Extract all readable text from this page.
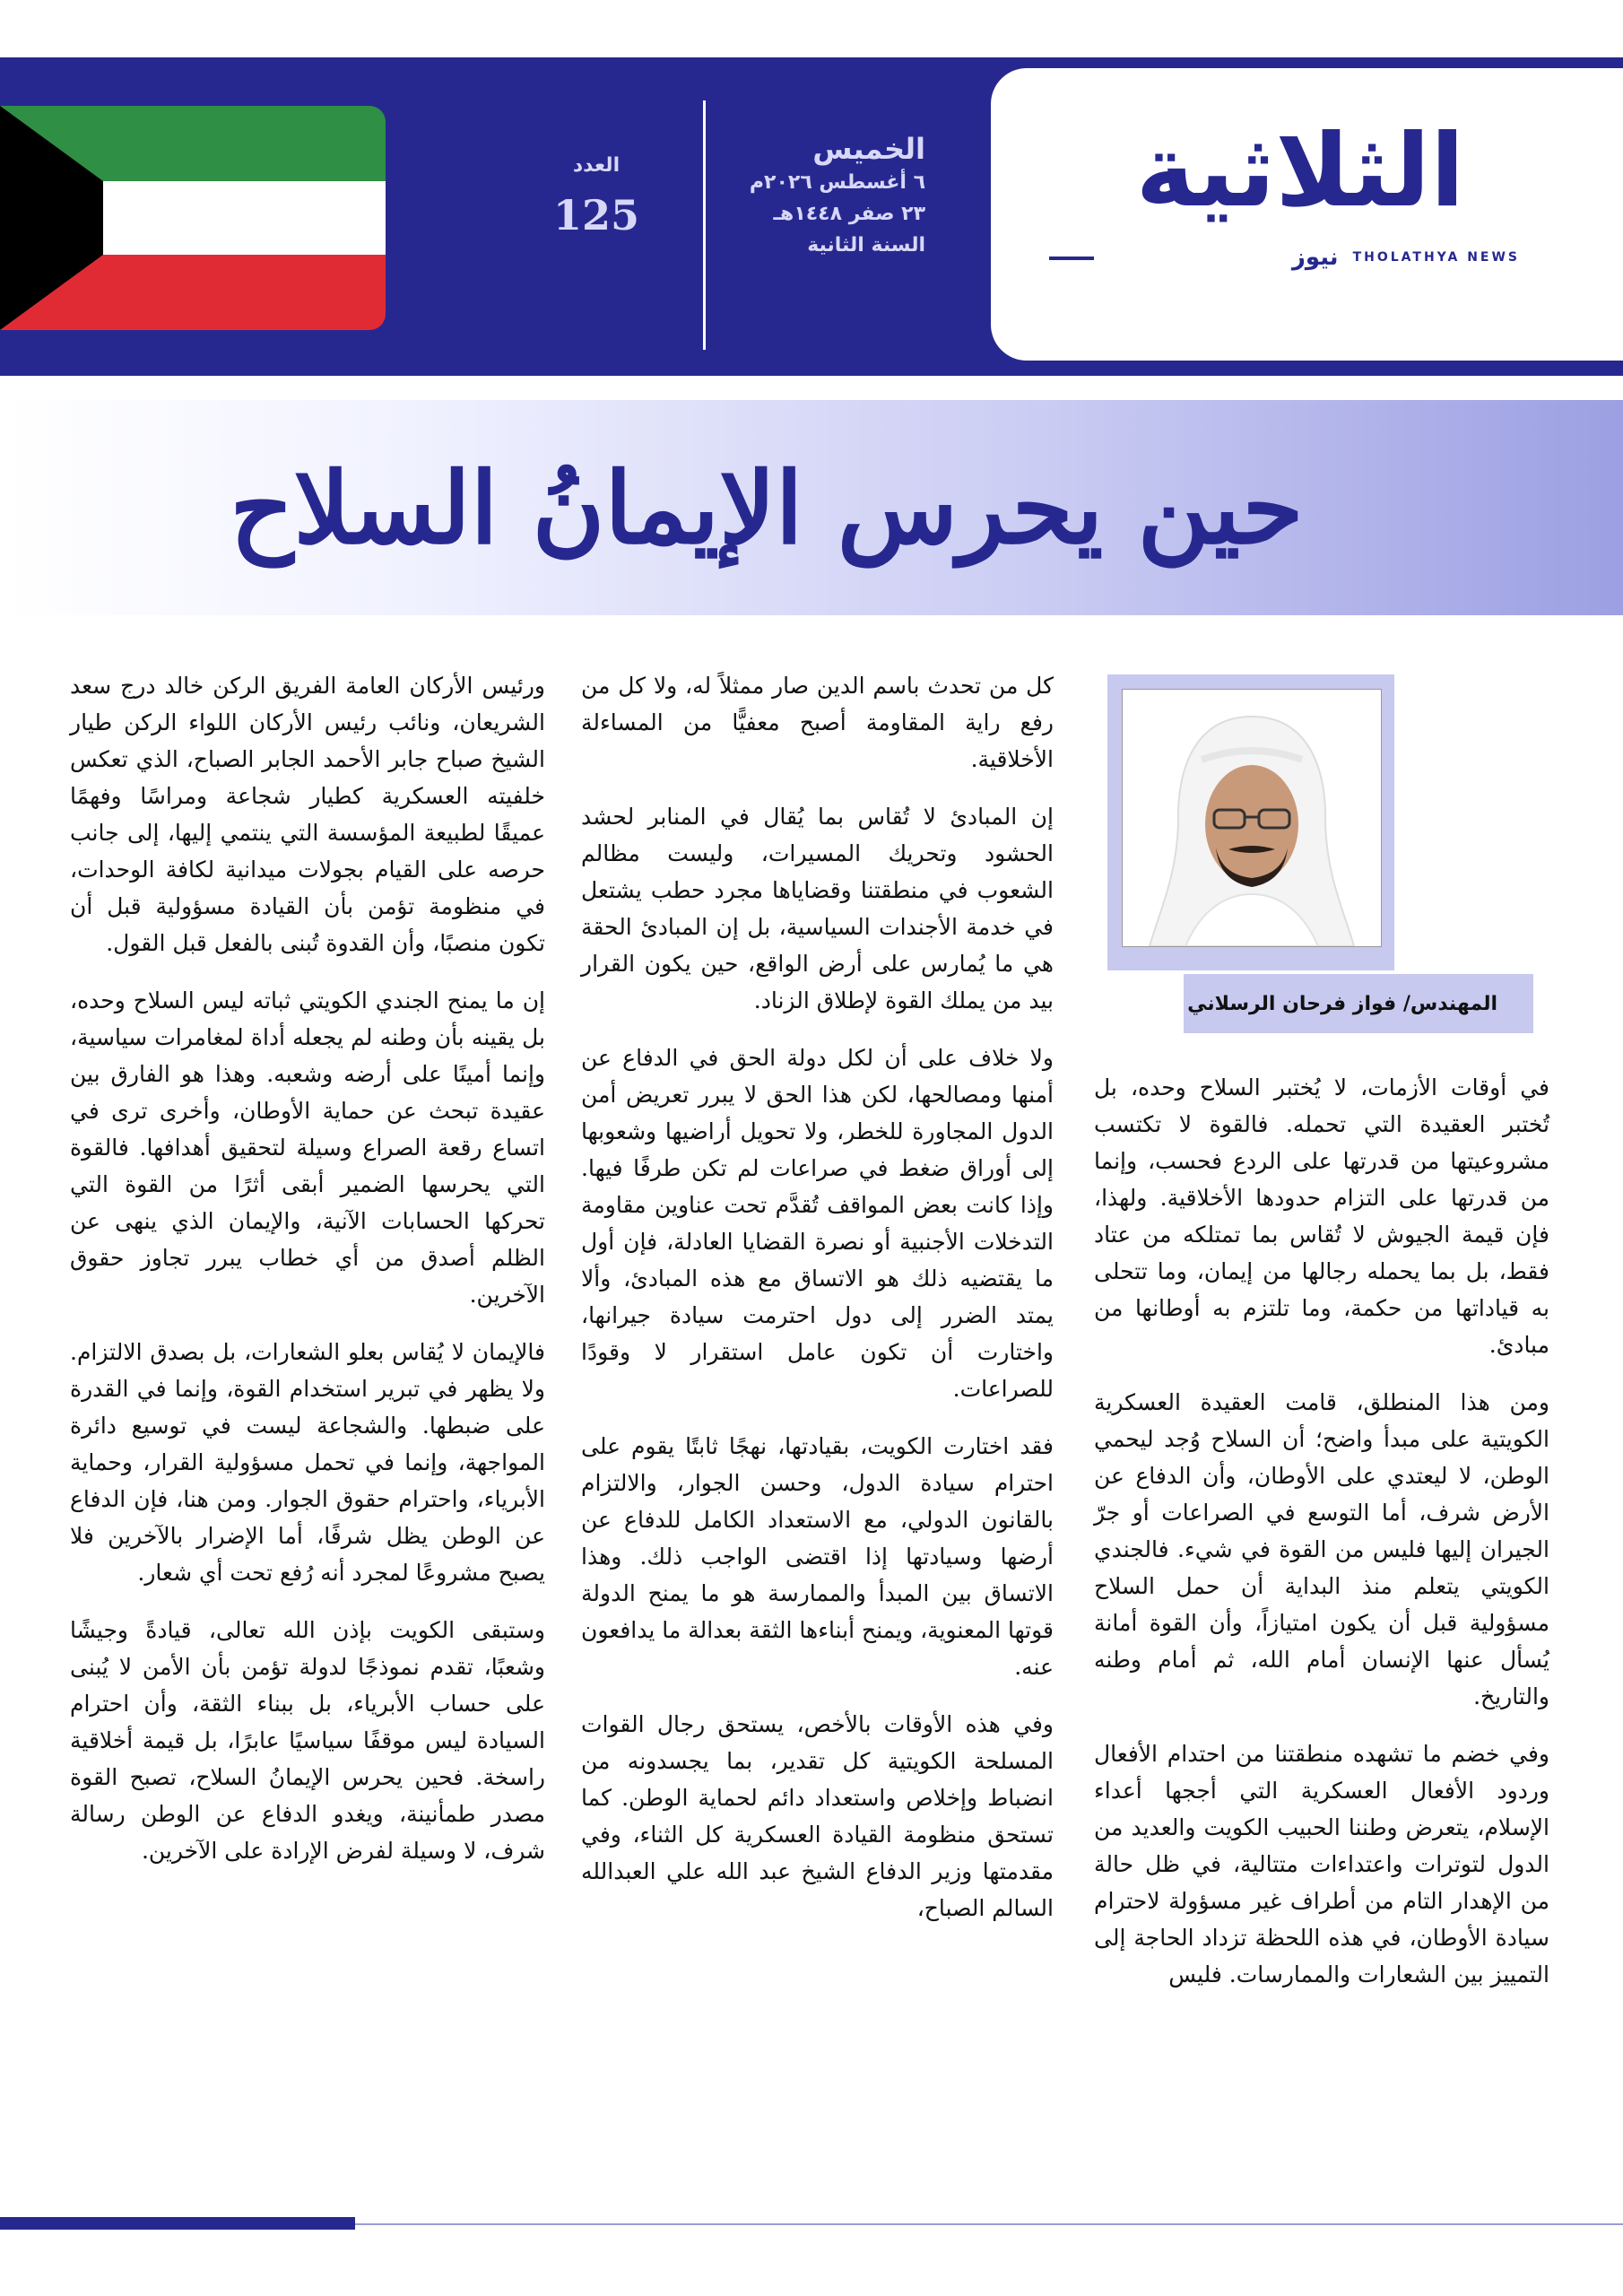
العدد
125
الخميس
٦ أغسطس ٢٠٢٦م
٢٣ صفر ١٤٤٨هـ
السنة الثانية
الثلاثية
نيوز THOLATHYA NEWS
حين يحرس الإيمانُ السلاح
المهندس/ فواز فرحان الرسلاني

في أوقات الأزمات، لا يُختبر السلاح وحده، بل تُختبر العقيدة التي تحمله. فالقوة لا تكتسب مشروعيتها من قدرتها على الردع فحسب، وإنما من قدرتها على التزام حدودها الأخلاقية. ولهذا، فإن قيمة الجيوش لا تُقاس بما تمتلكه من عتاد فقط، بل بما يحمله رجالها من إيمان، وما تتحلى به قياداتها من حكمة، وما تلتزم به أوطانها من مبادئ.

ومن هذا المنطلق، قامت العقيدة العسكرية الكويتية على مبدأ واضح؛ أن السلاح وُجد ليحمي الوطن، لا ليعتدي على الأوطان، وأن الدفاع عن الأرض شرف، أما التوسع في الصراعات أو جرّ الجيران إليها فليس من القوة في شيء. فالجندي الكويتي يتعلم منذ البداية أن حمل السلاح مسؤولية قبل أن يكون امتيازاً، وأن القوة أمانة يُسأل عنها الإنسان أمام الله، ثم أمام وطنه والتاريخ.

وفي خضم ما تشهده منطقتنا من احتدام الأفعال وردود الأفعال العسكرية التي أججها أعداء الإسلام، يتعرض وطننا الحبيب الكويت والعديد من الدول لتوترات واعتداءات متتالية، في ظل حالة من الإهدار التام من أطراف غير مسؤولة لاحترام سيادة الأوطان، في هذه اللحظة تزداد الحاجة إلى التمييز بين الشعارات والممارسات. فليس

كل من تحدث باسم الدين صار ممثلاً له، ولا كل من رفع راية المقاومة أصبح معفيًّا من المساءلة الأخلاقية.

إن المبادئ لا تُقاس بما يُقال في المنابر لحشد الحشود وتحريك المسيرات، وليست مظالم الشعوب في منطقتنا وقضاياها مجرد حطب يشتعل في خدمة الأجندات السياسية، بل إن المبادئ الحقة هي ما يُمارس على أرض الواقع، حين يكون القرار بيد من يملك القوة لإطلاق الزناد.

ولا خلاف على أن لكل دولة الحق في الدفاع عن أمنها ومصالحها، لكن هذا الحق لا يبرر تعريض أمن الدول المجاورة للخطر، ولا تحويل أراضيها وشعوبها إلى أوراق ضغط في صراعات لم تكن طرفًا فيها. وإذا كانت بعض المواقف تُقدَّم تحت عناوين مقاومة التدخلات الأجنبية أو نصرة القضايا العادلة، فإن أول ما يقتضيه ذلك هو الاتساق مع هذه المبادئ، وألا يمتد الضرر إلى دول احترمت سيادة جيرانها، واختارت أن تكون عامل استقرار لا وقودًا للصراعات.

فقد اختارت الكويت، بقيادتها، نهجًا ثابتًا يقوم على احترام سيادة الدول، وحسن الجوار، والالتزام بالقانون الدولي، مع الاستعداد الكامل للدفاع عن أرضها وسيادتها إذا اقتضى الواجب ذلك. وهذا الاتساق بين المبدأ والممارسة هو ما يمنح الدولة قوتها المعنوية، ويمنح أبناءها الثقة بعدالة ما يدافعون عنه.

وفي هذه الأوقات بالأخص، يستحق رجال القوات المسلحة الكويتية كل تقدير، بما يجسدونه من انضباط وإخلاص واستعداد دائم لحماية الوطن. كما تستحق منظومة القيادة العسكرية كل الثناء، وفي مقدمتها وزير الدفاع الشيخ عبد الله علي العبدالله السالم الصباح،

ورئيس الأركان العامة الفريق الركن خالد درج سعد الشريعان، ونائب رئيس الأركان اللواء الركن طيار الشيخ صباح جابر الأحمد الجابر الصباح، الذي تعكس خلفيته العسكرية كطيار شجاعة ومراسًا وفهمًا عميقًا لطبيعة المؤسسة التي ينتمي إليها، إلى جانب حرصه على القيام بجولات ميدانية لكافة الوحدات، في منظومة تؤمن بأن القيادة مسؤولية قبل أن تكون منصبًا، وأن القدوة تُبنى بالفعل قبل القول.

إن ما يمنح الجندي الكويتي ثباته ليس السلاح وحده، بل يقينه بأن وطنه لم يجعله أداة لمغامرات سياسية، وإنما أمينًا على أرضه وشعبه. وهذا هو الفارق بين عقيدة تبحث عن حماية الأوطان، وأخرى ترى في اتساع رقعة الصراع وسيلة لتحقيق أهدافها. فالقوة التي يحرسها الضمير أبقى أثرًا من القوة التي تحركها الحسابات الآنية، والإيمان الذي ينهى عن الظلم أصدق من أي خطاب يبرر تجاوز حقوق الآخرين.

فالإيمان لا يُقاس بعلو الشعارات، بل بصدق الالتزام. ولا يظهر في تبرير استخدام القوة، وإنما في القدرة على ضبطها. والشجاعة ليست في توسيع دائرة المواجهة، وإنما في تحمل مسؤولية القرار، وحماية الأبرياء، واحترام حقوق الجوار. ومن هنا، فإن الدفاع عن الوطن يظل شرفًا، أما الإضرار بالآخرين فلا يصبح مشروعًا لمجرد أنه رُفع تحت أي شعار.

وستبقى الكويت بإذن الله تعالى، قيادةً وجيشًا وشعبًا، تقدم نموذجًا لدولة تؤمن بأن الأمن لا يُبنى على حساب الأبرياء، بل ببناء الثقة، وأن احترام السيادة ليس موقفًا سياسيًا عابرًا، بل قيمة أخلاقية راسخة. فحين يحرس الإيمانُ السلاح، تصبح القوة مصدر طمأنينة، ويغدو الدفاع عن الوطن رسالة شرف، لا وسيلة لفرض الإرادة على الآخرين.
